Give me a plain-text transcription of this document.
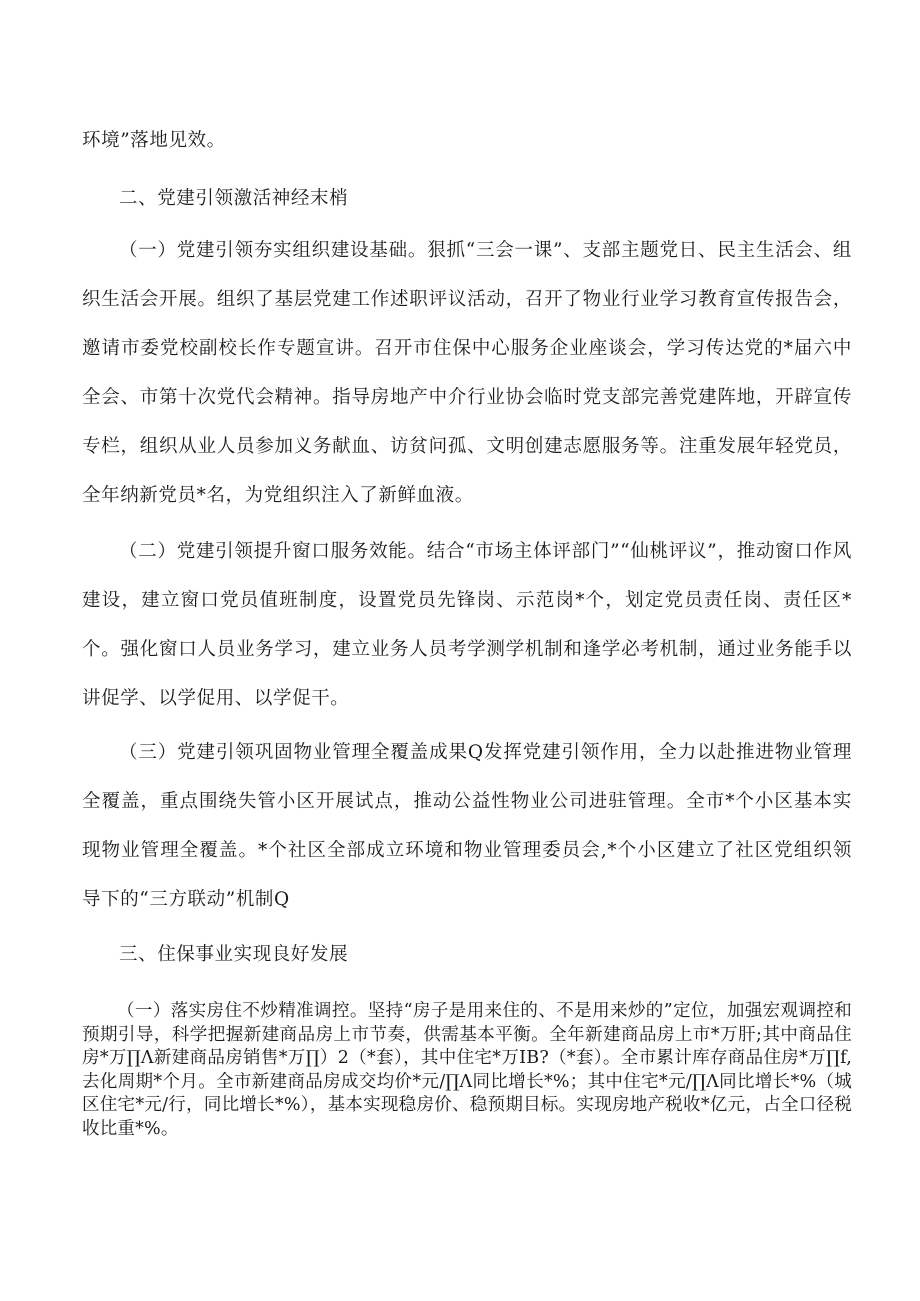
环境”落地见效。

二、党建引领激活神经末梢

（一）党建引领夯实组织建设基础。狠抓“三会一课”、支部主题党日、民主生活会、组织生活会开展。组织了基层党建工作述职评议活动，召开了物业行业学习教育宣传报告会，邀请市委党校副校长作专题宣讲。召开市住保中心服务企业座谈会，学习传达党的*届六中全会、市第十次党代会精神。指导房地产中介行业协会临时党支部完善党建阵地，开辟宣传专栏，组织从业人员参加义务献血、访贫问孤、文明创建志愿服务等。注重发展年轻党员，全年纳新党员*名，为党组织注入了新鲜血液。

（二）党建引领提升窗口服务效能。结合“市场主体评部门”“仙桃评议”，推动窗口作风建设，建立窗口党员值班制度，设置党员先锋岗、示范岗*个，划定党员责任岗、责任区*个。强化窗口人员业务学习，建立业务人员考学测学机制和逢学必考机制，通过业务能手以讲促学、以学促用、以学促干。

（三）党建引领巩固物业管理全覆盖成果Q发挥党建引领作用，全力以赴推进物业管理全覆盖，重点围绕失管小区开展试点，推动公益性物业公司进驻管理。全市*个小区基本实现物业管理全覆盖。*个社区全部成立环境和物业管理委员会,*个小区建立了社区党组织领导下的“三方联动”机制Q

三、住保事业实现良好发展

（一）落实房住不炒精准调控。坚持“房子是用来住的、不是用来炒的”定位，加强宏观调控和预期引导，科学把握新建商品房上市节奏，供需基本平衡。全年新建商品房上市*万肝;其中商品住房*万∏Λ新建商品房销售*万∏）2（*套），其中住宅*万IB?（*套）。全市累计库存商品住房*万∏f,去化周期*个月。全市新建商品房成交均价*元/∏Λ同比增长*%；其中住宅*元/∏Λ同比增长*%（城区住宅*元/行，同比增长*%），基本实现稳房价、稳预期目标。实现房地产税收*亿元，占全口径税收比重*%。
